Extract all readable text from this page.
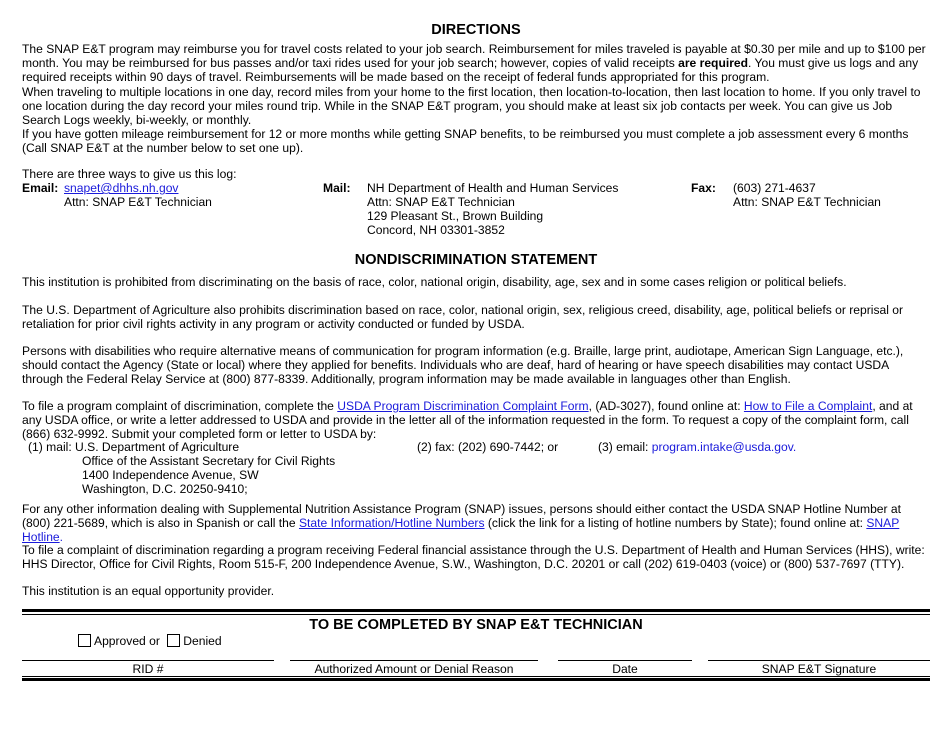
DIRECTIONS

The SNAP E&T program may reimburse you for travel costs related to your job search. Reimbursement for miles traveled is payable at $0.30 per mile and up to $100 per month. You may be reimbursed for bus passes and/or taxi rides used for your job search; however, copies of valid receipts are required. You must give us logs and any required receipts within 90 days of travel. Reimbursements will be made based on the receipt of federal funds appropriated for this program.

When traveling to multiple locations in one day, record miles from your home to the first location, then location-to-location, then last location to home. If you only travel to one location during the day record your miles round trip. While in the SNAP E&T program, you should make at least six job contacts per week. You can give us Job Search Logs weekly, bi-weekly, or monthly.

If you have gotten mileage reimbursement for 12 or more months while getting SNAP benefits, to be reimbursed you must complete a job assessment every 6 months (Call SNAP E&T at the number below to set one up).

There are three ways to give us this log:

Email: snapet@dhhs.nh.gov
Attn: SNAP E&T Technician
Mail: NH Department of Health and Human Services
Attn: SNAP E&T Technician
129 Pleasant St., Brown Building
Concord, NH 03301-3852
Fax: (603) 271-4637
Attn: SNAP E&T Technician
NONDISCRIMINATION STATEMENT

This institution is prohibited from discriminating on the basis of race, color, national origin, disability, age, sex and in some cases religion or political beliefs.

The U.S. Department of Agriculture also prohibits discrimination based on race, color, national origin, sex, religious creed, disability, age, political beliefs or reprisal or retaliation for prior civil rights activity in any program or activity conducted or funded by USDA.

Persons with disabilities who require alternative means of communication for program information (e.g. Braille, large print, audiotape, American Sign Language, etc.), should contact the Agency (State or local) where they applied for benefits. Individuals who are deaf, hard of hearing or have speech disabilities may contact USDA through the Federal Relay Service at (800) 877-8339. Additionally, program information may be made available in languages other than English.

To file a program complaint of discrimination, complete the USDA Program Discrimination Complaint Form, (AD-3027), found online at: How to File a Complaint, and at any USDA office, or write a letter addressed to USDA and provide in the letter all of the information requested in the form. To request a copy of the complaint form, call (866) 632-9992. Submit your completed form or letter to USDA by:

(1) mail: U.S. Department of Agriculture
Office of the Assistant Secretary for Civil Rights
1400 Independence Avenue, SW
Washington, D.C. 20250-9410;
(2) fax: (202) 690-7442; or	(3) email: program.intake@usda.gov.

For any other information dealing with Supplemental Nutrition Assistance Program (SNAP) issues, persons should either contact the USDA SNAP Hotline Number at (800) 221-5689, which is also in Spanish or call the State Information/Hotline Numbers (click the link for a listing of hotline numbers by State); found online at: SNAP Hotline.

To file a complaint of discrimination regarding a program receiving Federal financial assistance through the U.S. Department of Health and Human Services (HHS), write: HHS Director, Office for Civil Rights, Room 515-F, 200 Independence Avenue, S.W., Washington, D.C. 20201 or call (202) 619-0403 (voice) or (800) 537-7697 (TTY).

This institution is an equal opportunity provider.

TO BE COMPLETED BY SNAP E&T TECHNICIAN
Approved or Denied
RID #	Authorized Amount or Denial Reason	Date	SNAP E&T Signature
